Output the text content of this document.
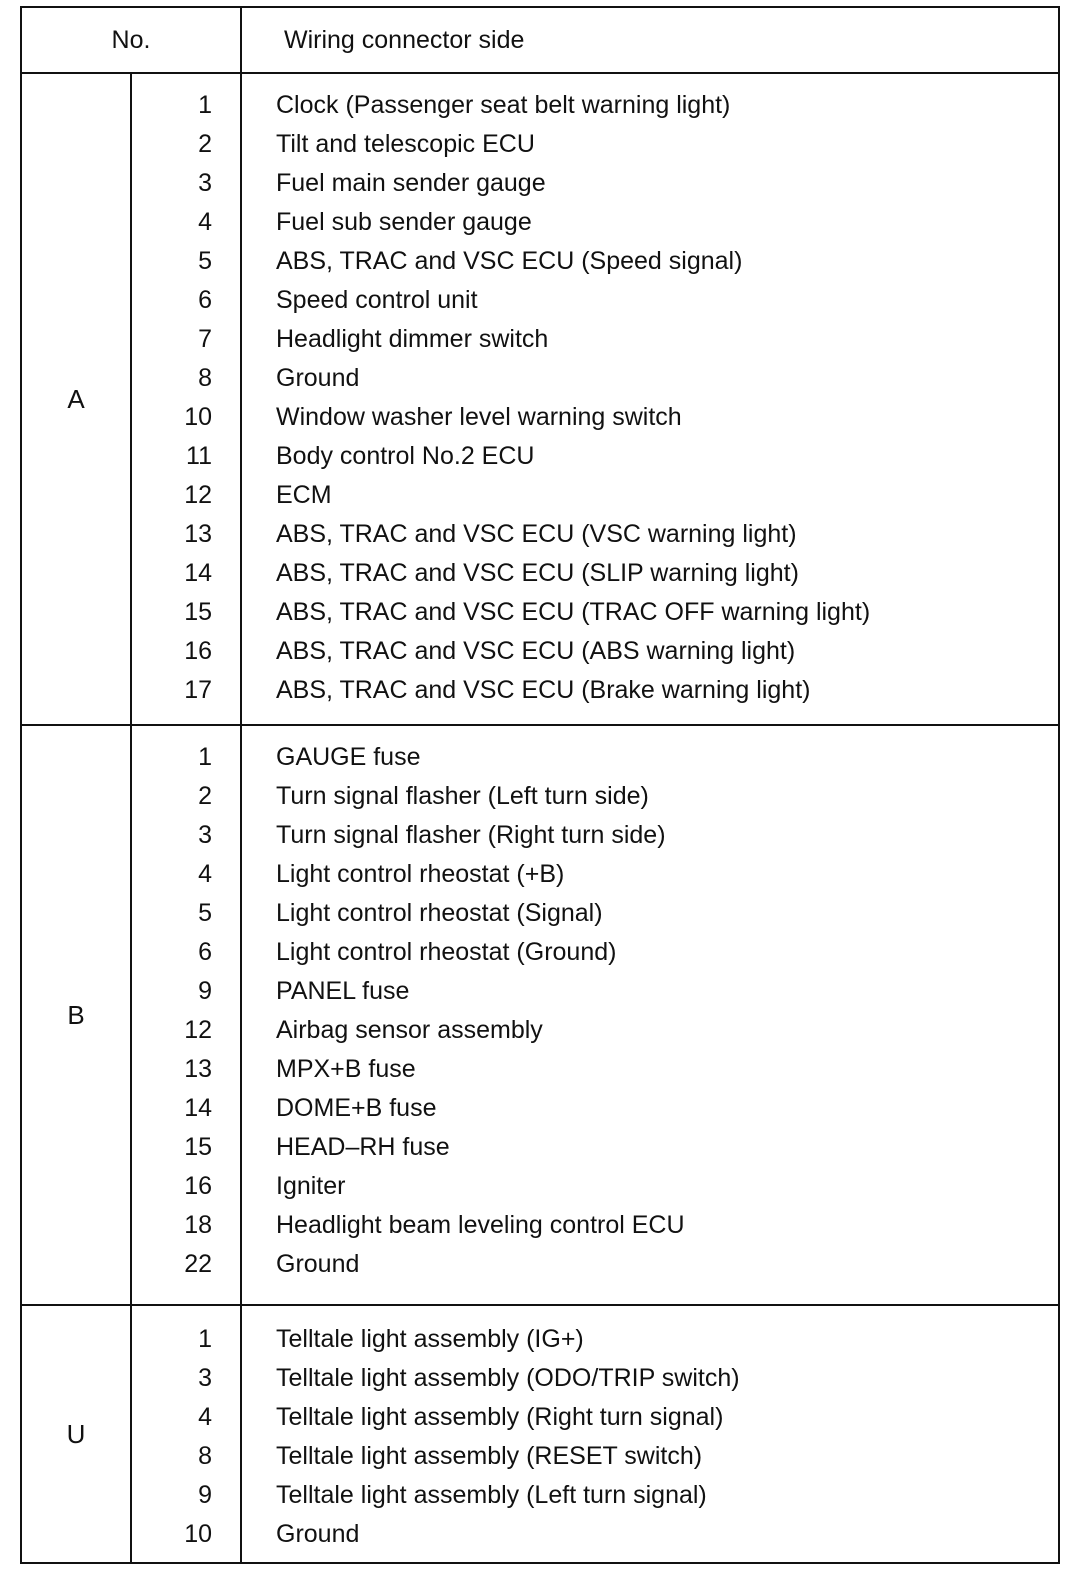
No.	Wiring connector side
A
1	Clock (Passenger seat belt warning light)
2	Tilt and telescopic ECU
3	Fuel main sender gauge
4	Fuel sub sender gauge
5	ABS, TRAC and VSC ECU (Speed signal)
6	Speed control unit
7	Headlight dimmer switch
8	Ground
10	Window washer level warning switch
11	Body control No.2 ECU
12	ECM
13	ABS, TRAC and VSC ECU (VSC warning light)
14	ABS, TRAC and VSC ECU (SLIP warning light)
15	ABS, TRAC and VSC ECU (TRAC OFF warning light)
16	ABS, TRAC and VSC ECU (ABS warning light)
17	ABS, TRAC and VSC ECU (Brake warning light)
B
1	GAUGE fuse
2	Turn signal flasher (Left turn side)
3	Turn signal flasher (Right turn side)
4	Light control rheostat (+B)
5	Light control rheostat (Signal)
6	Light control rheostat (Ground)
9	PANEL fuse
12	Airbag sensor assembly
13	MPX+B fuse
14	DOME+B fuse
15	HEAD–RH fuse
16	Igniter
18	Headlight beam leveling control ECU
22	Ground
U
1	Telltale light assembly (IG+)
3	Telltale light assembly (ODO/TRIP switch)
4	Telltale light assembly (Right turn signal)
8	Telltale light assembly (RESET switch)
9	Telltale light assembly (Left turn signal)
10	Ground
